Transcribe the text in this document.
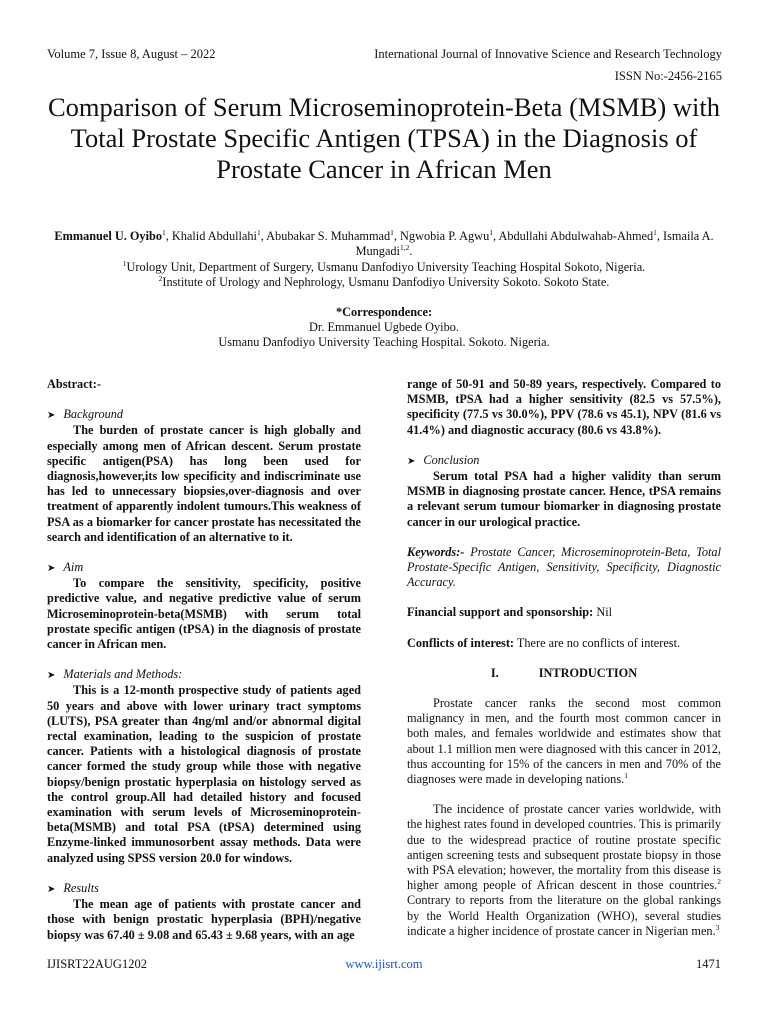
Volume 7, Issue 8, August – 2022	International Journal of Innovative Science and Research Technology
ISSN No:-2456-2165
Comparison of Serum Microseminoprotein-Beta (MSMB) with Total Prostate Specific Antigen (TPSA) in the Diagnosis of Prostate Cancer in African Men
Emmanuel U. Oyibo$^1$, Khalid Abdullahi$^1$, Abubakar S. Muhammad$^1$, Ngwobia P. Agwu$^1$, Abdullahi Abdulwahab-Ahmed$^1$, Ismaila A. Mungadi$^{1,2}$.
$^1$Urology Unit, Department of Surgery, Usmanu Danfodiyo University Teaching Hospital Sokoto, Nigeria.
$^2$Institute of Urology and Nephrology, Usmanu Danfodiyo University Sokoto. Sokoto State.
*Correspondence:
Dr. Emmanuel Ugbede Oyibo.
Usmanu Danfodiyo University Teaching Hospital. Sokoto. Nigeria.

Abstract:-

➤ Background

The burden of prostate cancer is high globally and especially among men of African descent. Serum prostate specific antigen(PSA) has long been used for diagnosis,however,its low specificity and indiscriminate use has led to unnecessary biopsies,over-diagnosis and over treatment of apparently indolent tumours.This weakness of PSA as a biomarker for cancer prostate has necessitated the search and identification of an alternative to it.

➤ Aim

To compare the sensitivity, specificity, positive predictive value, and negative predictive value of serum Microseminoprotein-beta(MSMB) with serum total prostate specific antigen (tPSA) in the diagnosis of prostate cancer in African men.

➤ Materials and Methods:

This is a 12-month prospective study of patients aged 50 years and above with lower urinary tract symptoms (LUTS), PSA greater than 4ng/ml and/or abnormal digital rectal examination, leading to the suspicion of prostate cancer. Patients with a histological diagnosis of prostate cancer formed the study group while those with negative biopsy/benign prostatic hyperplasia on histology served as the control group.All had detailed history and focused examination with serum levels of Microseminoprotein-beta(MSMB) and total PSA (tPSA) determined using Enzyme-linked immunosorbent assay methods. Data were analyzed using SPSS version 20.0 for windows.

➤ Results

The mean age of patients with prostate cancer and those with benign prostatic hyperplasia (BPH)/negative biopsy was 67.40 ± 9.08 and 65.43 ± 9.68 years, with an age

range of 50-91 and 50-89 years, respectively. Compared to MSMB, tPSA had a higher sensitivity (82.5 vs 57.5%), specificity (77.5 vs 30.0%), PPV (78.6 vs 45.1), NPV (81.6 vs 41.4%) and diagnostic accuracy (80.6 vs 43.8%).

➤ Conclusion

Serum total PSA had a higher validity than serum MSMB in diagnosing prostate cancer. Hence, tPSA remains a relevant serum tumour biomarker in diagnosing prostate cancer in our urological practice.

Keywords:- Prostate Cancer, Microseminoprotein-Beta, Total Prostate-Specific Antigen, Sensitivity, Specificity, Diagnostic Accuracy.

Financial support and sponsorship: Nil

Conflicts of interest: There are no conflicts of interest.

I.	INTRODUCTION

Prostate cancer ranks the second most common malignancy in men, and the fourth most common cancer in both males, and females worldwide and estimates show that about 1.1 million men were diagnosed with this cancer in 2012, thus accounting for 15% of the cancers in men and 70% of the diagnoses were made in developing nations.$^1$

The incidence of prostate cancer varies worldwide, with the highest rates found in developed countries. This is primarily due to the widespread practice of routine prostate specific antigen screening tests and subsequent prostate biopsy in those with PSA elevation; however, the mortality from this disease is higher among people of African descent in those countries.$^2$ Contrary to reports from the literature on the global rankings by the World Health Organization (WHO), several studies indicate a higher incidence of prostate cancer in Nigerian men.$^3$

IJISRT22AUG1202	www.ijisrt.com	1471
